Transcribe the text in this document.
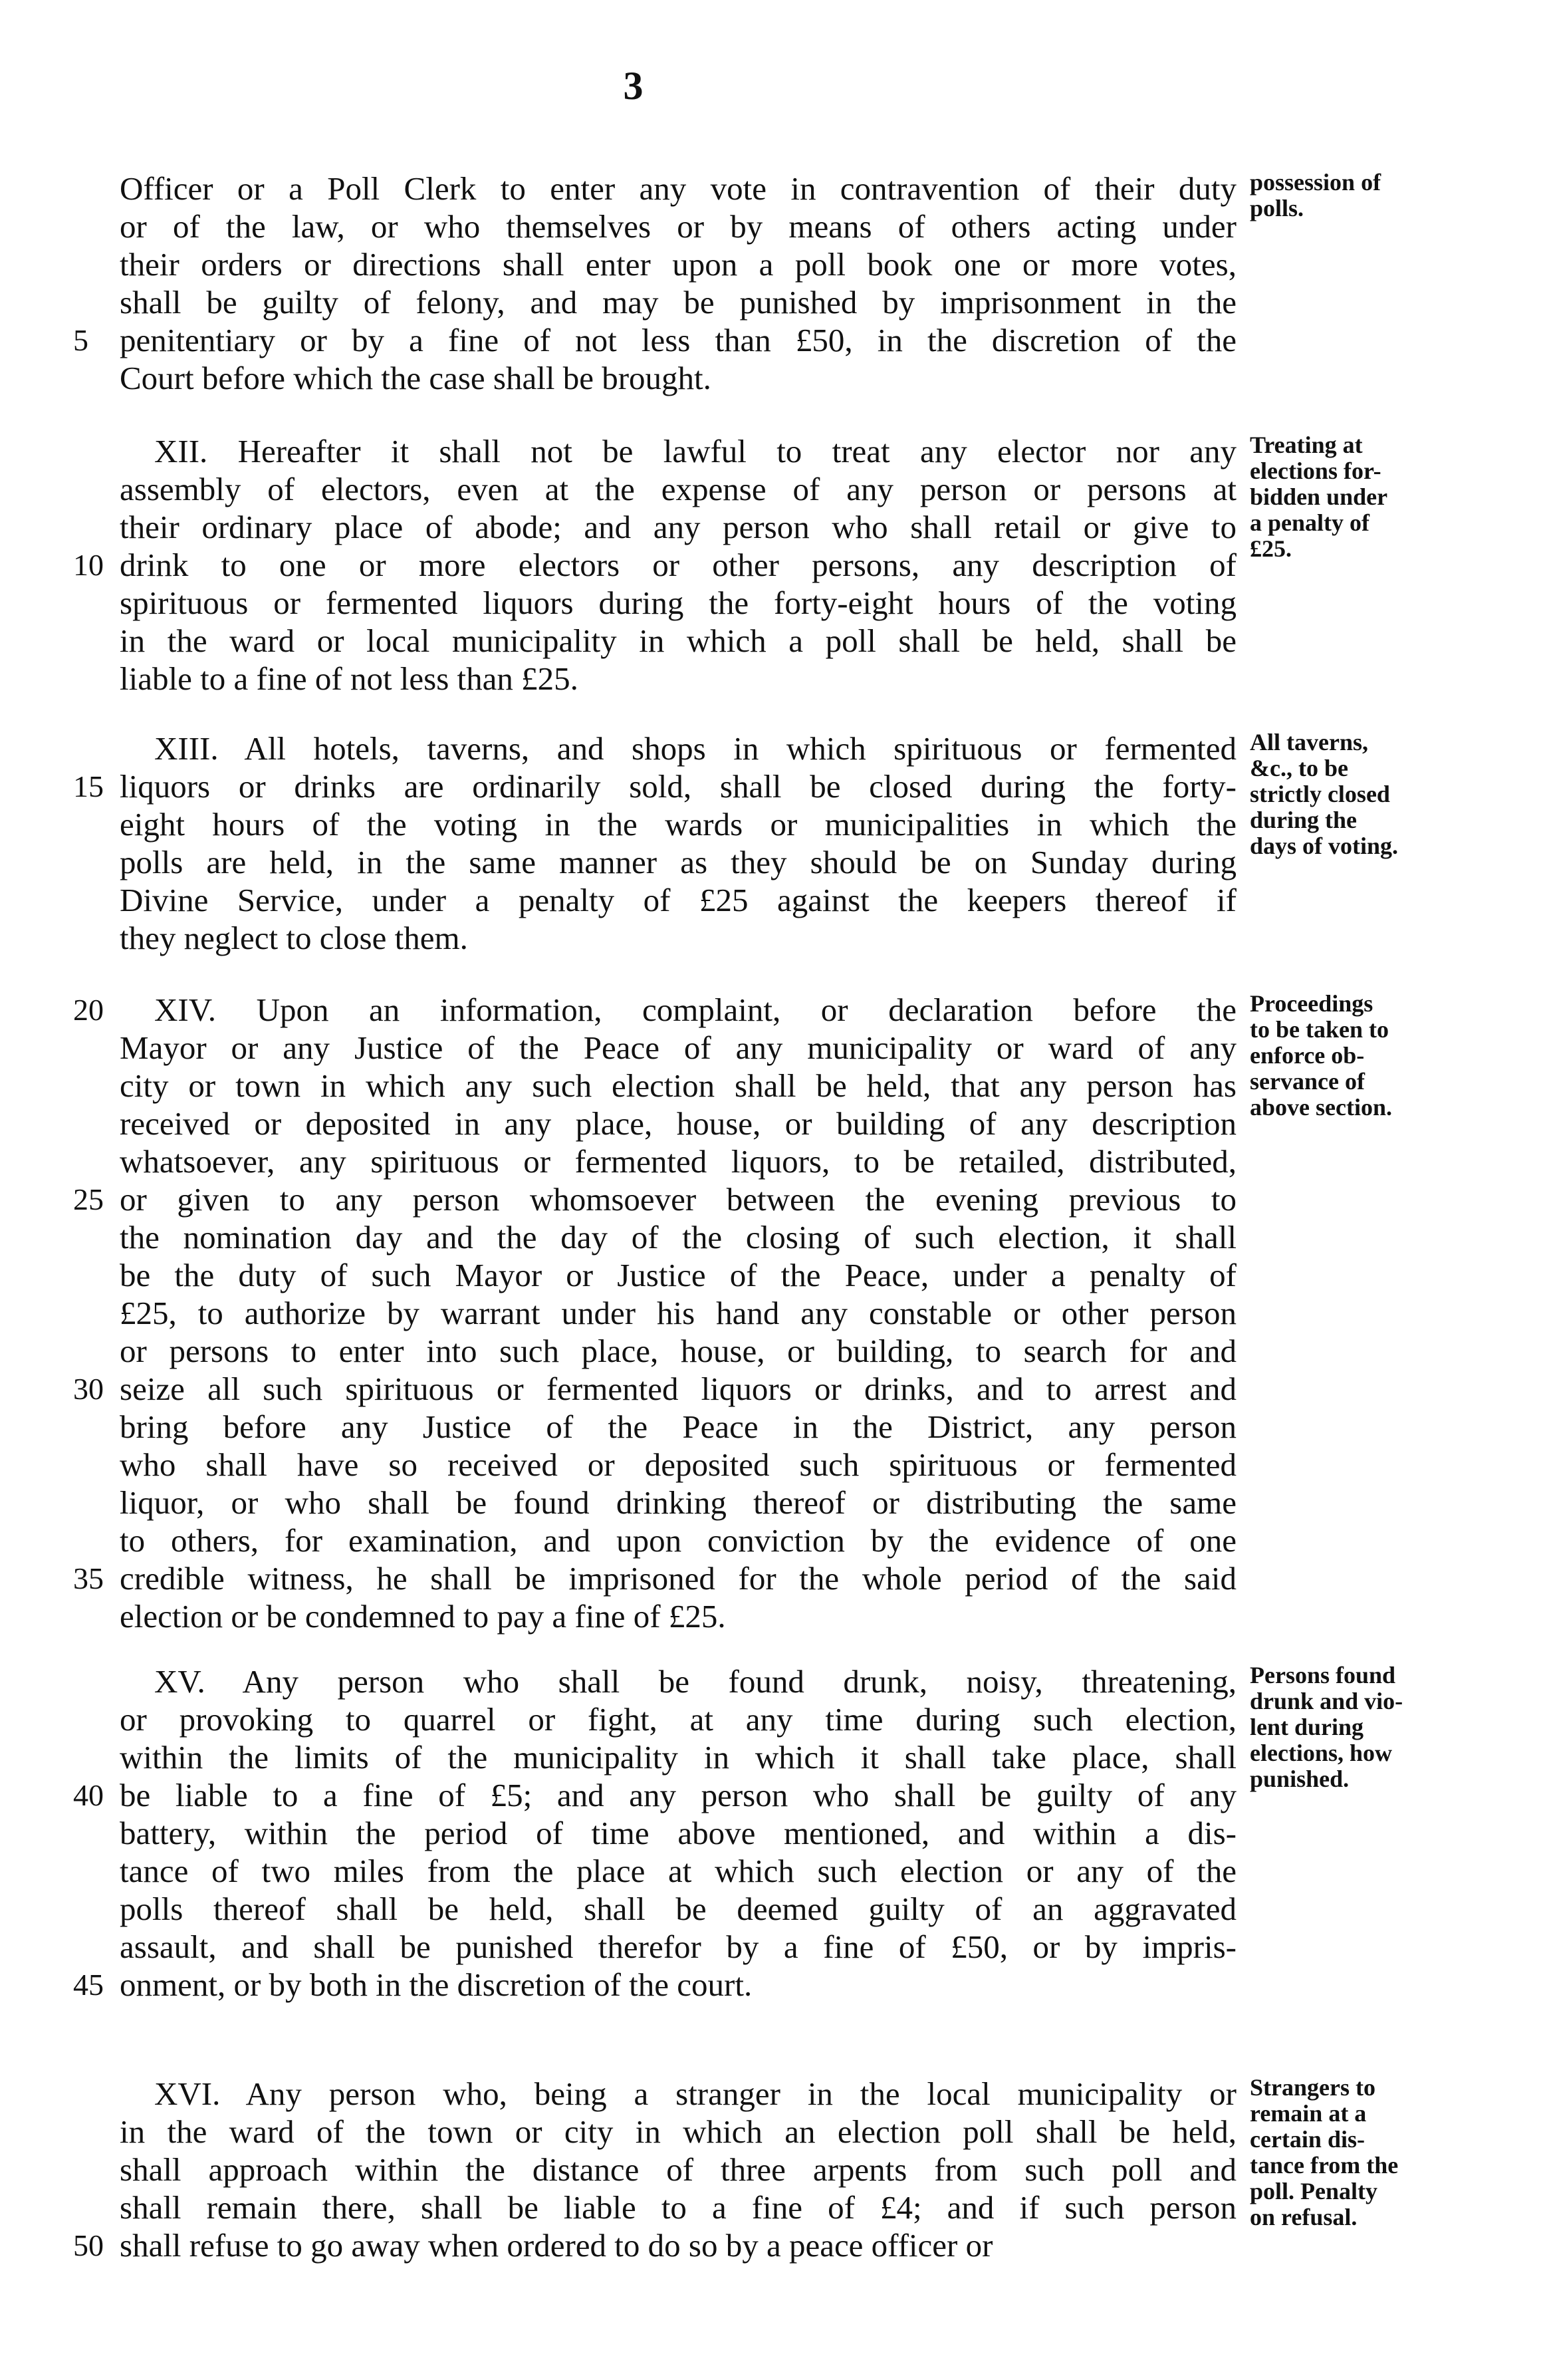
3
Officer or a Poll Clerk to enter any vote in contravention of their duty
or of the law, or who themselves or by means of others acting under
their orders or directions shall enter upon a poll book one or more votes,
shall be guilty of felony, and may be punished by imprisonment in the
penitentiary or by a fine of not less than £50, in the discretion of the
5
Court before which the case shall be brought.
possession of
polls.
XII. Hereafter it shall not be lawful to treat any elector nor any
assembly of electors, even at the expense of any person or persons at
their ordinary place of abode; and any person who shall retail or give to
drink to one or more electors or other persons, any description of
10
spirituous or fermented liquors during the forty-eight hours of the voting
in the ward or local municipality in which a poll shall be held, shall be
liable to a fine of not less than £25.
Treating at
elections for-
bidden under
a penalty of
£25.
XIII. All hotels, taverns, and shops in which spirituous or fermented
liquors or drinks are ordinarily sold, shall be closed during the forty-
15
eight hours of the voting in the wards or municipalities in which the
polls are held, in the same manner as they should be on Sunday during
Divine Service, under a penalty of £25 against the keepers thereof if
they neglect to close them.
All taverns,
&c., to be
strictly closed
during the
days of voting.
XIV. Upon an information, complaint, or declaration before the
20
Mayor or any Justice of the Peace of any municipality or ward of any
city or town in which any such election shall be held, that any person has
received or deposited in any place, house, or building of any description
whatsoever, any spirituous or fermented liquors, to be retailed, distributed,
or given to any person whomsoever between the evening previous to
25
the nomination day and the day of the closing of such election, it shall
be the duty of such Mayor or Justice of the Peace, under a penalty of
£25, to authorize by warrant under his hand any constable or other person
or persons to enter into such place, house, or building, to search for and
seize all such spirituous or fermented liquors or drinks, and to arrest and
30
bring before any Justice of the Peace in the District, any person
who shall have so received or deposited such spirituous or fermented
liquor, or who shall be found drinking thereof or distributing the same
to others, for examination, and upon conviction by the evidence of one
credible witness, he shall be imprisoned for the whole period of the said
35
election or be condemned to pay a fine of £25.
Proceedings
to be taken to
enforce ob-
servance of
above section.
XV. Any person who shall be found drunk, noisy, threatening,
or provoking to quarrel or fight, at any time during such election,
within the limits of the municipality in which it shall take place, shall
be liable to a fine of £5; and any person who shall be guilty of any
40
battery, within the period of time above mentioned, and within a dis-
tance of two miles from the place at which such election or any of the
polls thereof shall be held, shall be deemed guilty of an aggravated
assault, and shall be punished therefor by a fine of £50, or by impris-
onment, or by both in the discretion of the court.
45
Persons found
drunk and vio-
lent during
elections, how
punished.
XVI. Any person who, being a stranger in the local municipality or
in the ward of the town or city in which an election poll shall be held,
shall approach within the distance of three arpents from such poll and
shall remain there, shall be liable to a fine of £4; and if such person
shall refuse to go away when ordered to do so by a peace officer or
50
Strangers to
remain at a
certain dis-
tance from the
poll. Penalty
on refusal.
